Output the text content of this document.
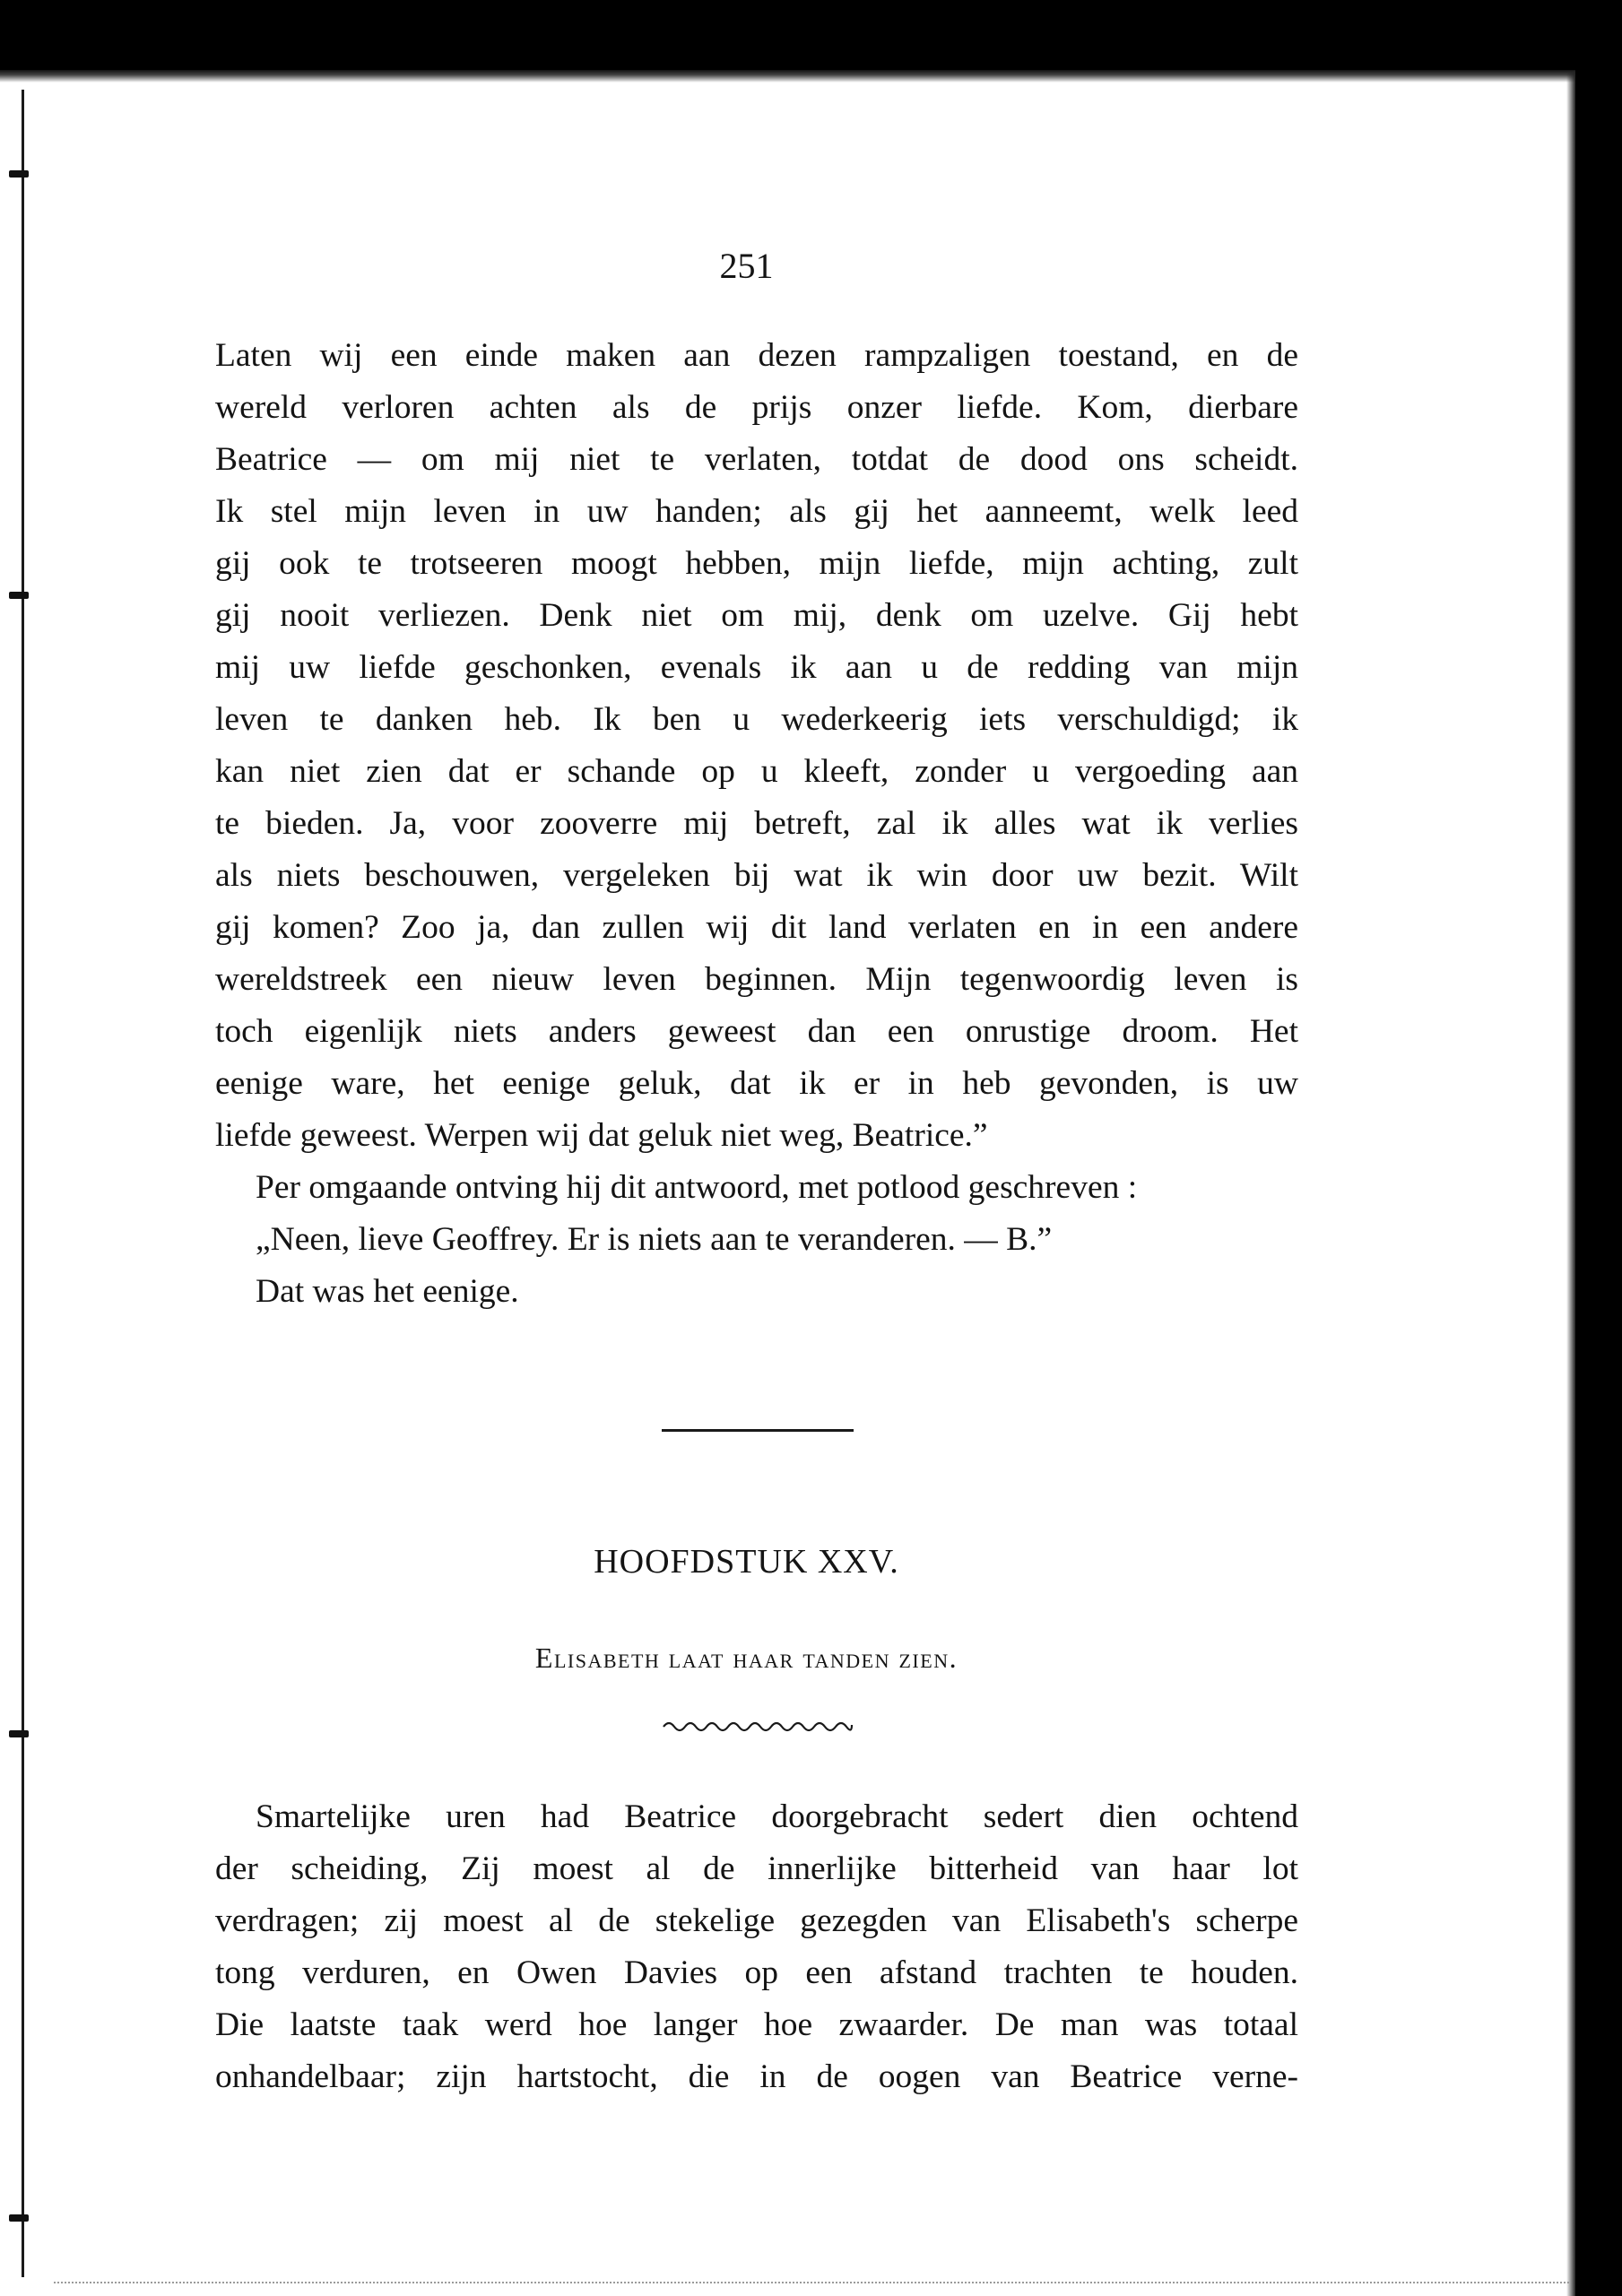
251
Laten wij een einde maken aan dezen rampzaligen toestand, en de
wereld verloren achten als de prijs onzer liefde. Kom, dierbare
Beatrice — om mij niet te verlaten, totdat de dood ons scheidt.
Ik stel mijn leven in uw handen; als gij het aanneemt, welk leed
gij ook te trotseeren moogt hebben, mijn liefde, mijn achting, zult
gij nooit verliezen. Denk niet om mij, denk om uzelve. Gij hebt
mij uw liefde geschonken, evenals ik aan u de redding van mijn
leven te danken heb. Ik ben u wederkeerig iets verschuldigd; ik
kan niet zien dat er schande op u kleeft, zonder u vergoeding aan
te bieden. Ja, voor zooverre mij betreft, zal ik alles wat ik verlies
als niets beschouwen, vergeleken bij wat ik win door uw bezit. Wilt
gij komen? Zoo ja, dan zullen wij dit land verlaten en in een andere
wereldstreek een nieuw leven beginnen. Mijn tegenwoordig leven is
toch eigenlijk niets anders geweest dan een onrustige droom. Het
eenige ware, het eenige geluk, dat ik er in heb gevonden, is uw
liefde geweest. Werpen wij dat geluk niet weg, Beatrice.”
Per omgaande ontving hij dit antwoord, met potlood geschreven :
„Neen, lieve Geoffrey. Er is niets aan te veranderen. — B.”
Dat was het eenige.
HOOFDSTUK XXV.
Elisabeth laat haar tanden zien.
Smartelijke uren had Beatrice doorgebracht sedert dien ochtend
der scheiding, Zij moest al de innerlijke bitterheid van haar lot
verdragen; zij moest al de stekelige gezegden van Elisabeth's scherpe
tong verduren, en Owen Davies op een afstand trachten te houden.
Die laatste taak werd hoe langer hoe zwaarder. De man was totaal
onhandelbaar; zijn hartstocht, die in de oogen van Beatrice verne-
